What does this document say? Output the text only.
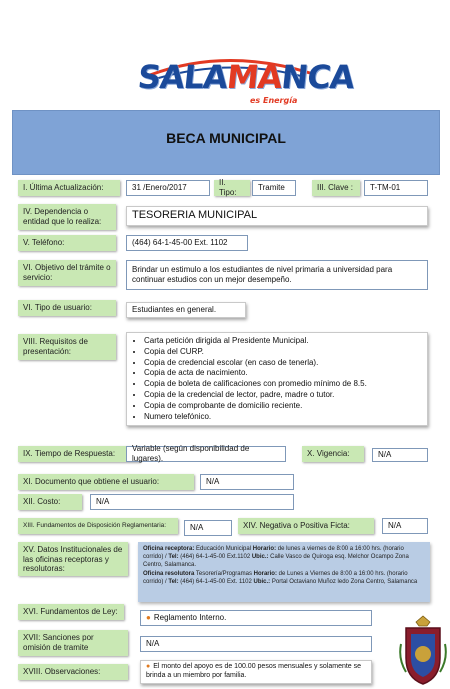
SALAMANCA
es Energía
BECA MUNICIPAL
I. Última Actualización:	31 /Enero/2017
II. Tipo:
Tramite	III. Clave :	T-TM-01
IV. Dependencia o entidad que lo realiza:
TESORERIA MUNICIPAL
V. Teléfono:	(464) 64-1-45-00 Ext. 1102
VI. Objetivo del trámite o servicio:
Brindar un estimulo a los estudiantes de nivel primaria a universidad para continuar estudios con un mejor desempeño.
VI. Tipo de usuario:	Estudiantes en general.
VIII. Requisitos de presentación:
• Carta petición dirigida al Presidente Municipal.
• Copia del CURP.
• Copia de credencial escolar (en caso de tenerla).
• Copia de acta de nacimiento.
• Copia de boleta de calificaciones con promedio mínimo de 8.5.
• Copia de la credencial de lector, padre, madre o tutor.
• Copia de comprobante de domicilio reciente.
• Numero telefónico.
IX. Tiempo de Respuesta:
Variable (según disponibilidad de lugares).
X. Vigencia:	N/A
XI. Documento que obtiene el usuario:	N/A
XII. Costo:	N/A
XIII. Fundamentos de Disposición Reglamentaria:	N/A	XIV. Negativa o Positiva Ficta:	N/A
XV. Datos Institucionales de las oficinas receptoras y resolutoras:
Oficina receptora: Educación Municipal Horario: de lunes a viernes de 8:00 a 16:00 hrs. (horario corrido) / Tel: (464) 64-1-45-00 Ext.1102 Ubic.: Calle Vasco de Quiroga esq. Melchor Ocampo Zona Centro, Salamanca.
Oficina resolutora Tesorería/Programas Horario: de Lunes a Viernes de 8:00 a 16:00 hrs. (horario corrido) / Tel: (464) 64-1-45-00 Ext. 1102 Ubic.: Portal Octaviano Muñoz ledo Zona Centro, Salamanca
XVI. Fundamentos de Ley:
● Reglamento Interno.
XVII: Sanciones por omisión de tramite	N/A
XVIII. Observaciones:
● El monto del apoyo es de 100.00 pesos mensuales y solamente se brinda a un miembro por familia.
